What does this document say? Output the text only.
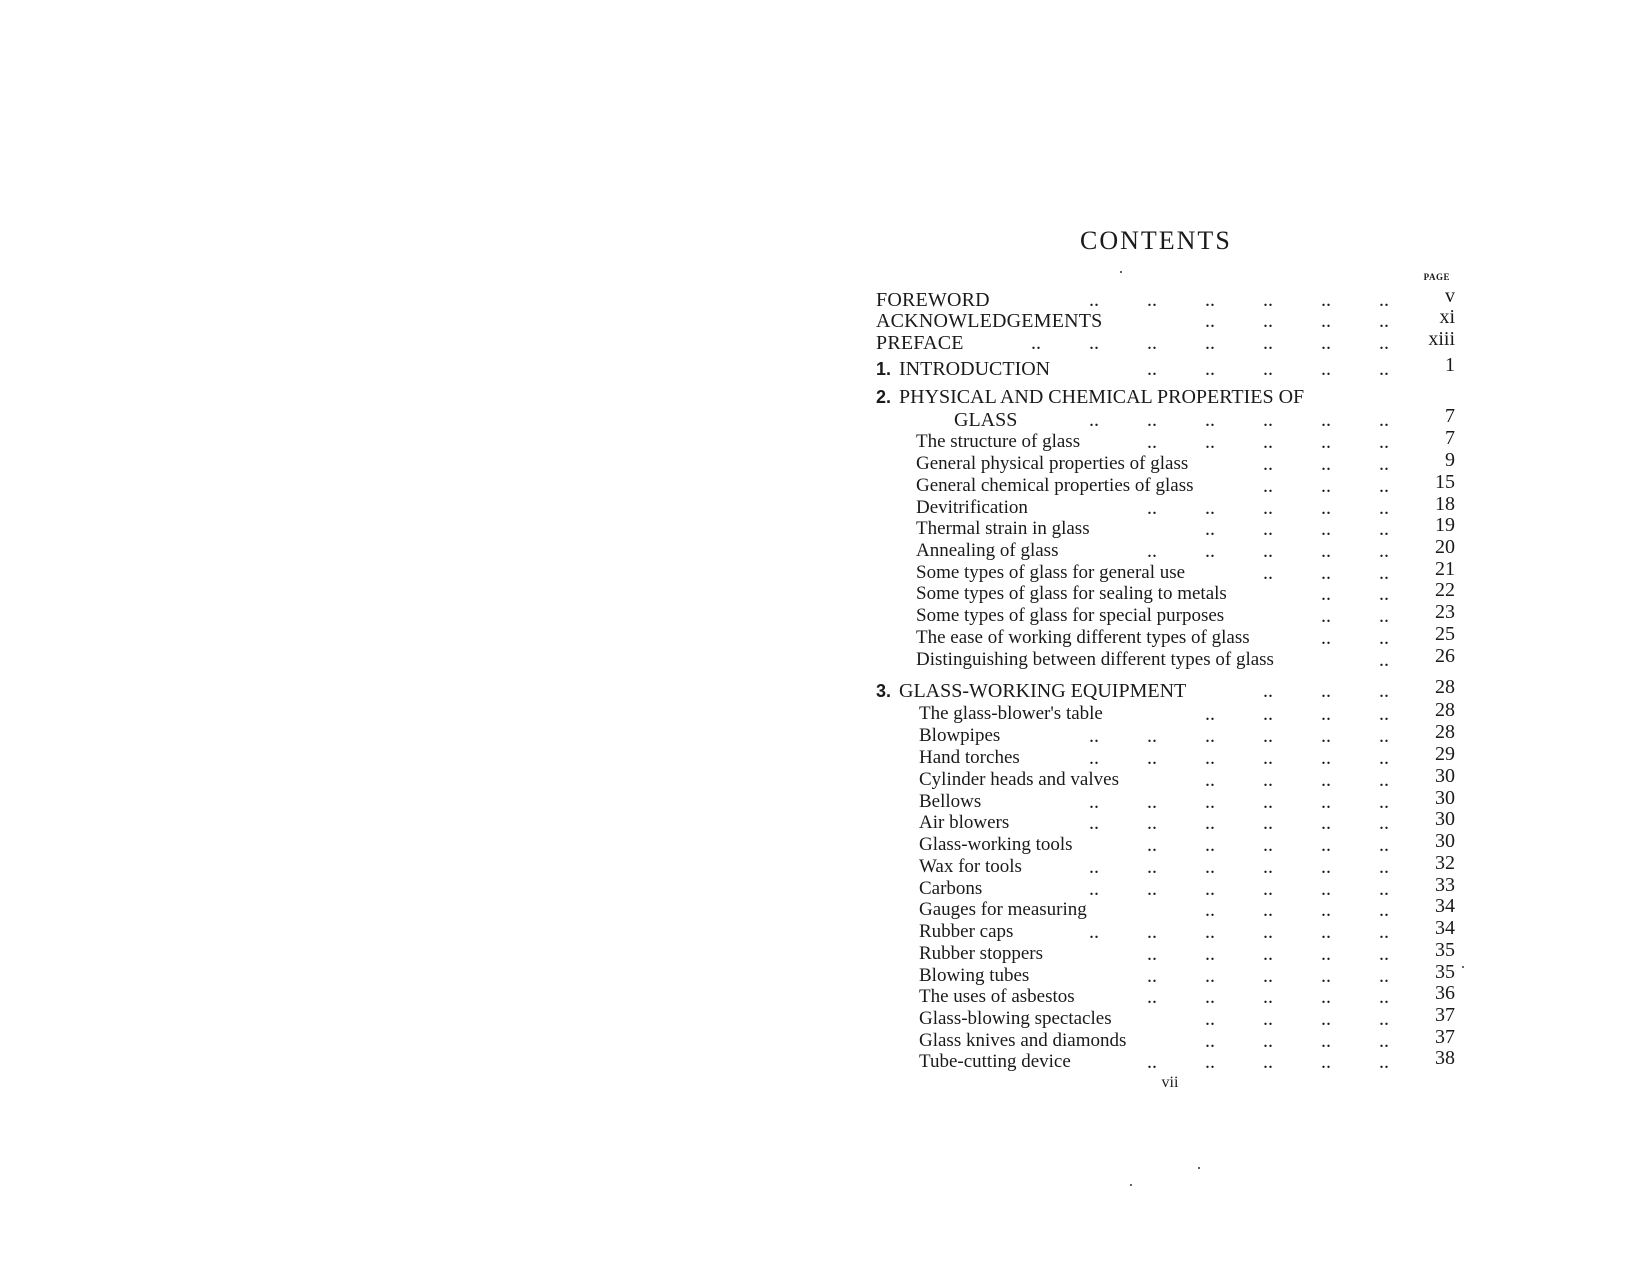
CONTENTS
PAGE
FOREWORD	.. .. .. .. .. ..	v
ACKNOWLEDGEMENTS	.. .. .. ..	xi
PREFACE	.. .. .. .. .. .. ..	xiii
1. INTRODUCTION	.. .. .. .. ..	1
2. PHYSICAL AND CHEMICAL PROPERTIES OF
GLASS	.. .. .. .. .. ..	7
The structure of glass	.. .. .. .. ..	7
General physical properties of glass	.. .. ..	9
General chemical properties of glass	.. .. ..	15
Devitrification	.. .. .. .. ..	18
Thermal strain in glass	.. .. .. ..	19
Annealing of glass	.. .. .. .. ..	20
Some types of glass for general use	.. .. ..	21
Some types of glass for sealing to metals	.. ..	22
Some types of glass for special purposes	.. ..	23
The ease of working different types of glass	.. ..	25
Distinguishing between different types of glass	..	26
3. GLASS-WORKING EQUIPMENT	.. .. ..	28
The glass-blower's table	.. .. .. ..	28
Blowpipes	.. .. .. .. .. ..	28
Hand torches	.. .. .. .. .. ..	29
Cylinder heads and valves	.. .. .. ..	30
Bellows	.. .. .. .. .. ..	30
Air blowers	.. .. .. .. .. ..	30
Glass-working tools	.. .. .. .. ..	30
Wax for tools	.. .. .. .. .. ..	32
Carbons	.. .. .. .. .. ..	33
Gauges for measuring	.. .. .. ..	34
Rubber caps	.. .. .. .. .. ..	34
Rubber stoppers	.. .. .. .. ..	35
Blowing tubes	.. .. .. .. ..	35
The uses of asbestos	.. .. .. .. ..	36
Glass-blowing spectacles	.. .. .. ..	37
Glass knives and diamonds	.. .. .. ..	37
Tube-cutting device	.. .. .. .. ..	38
vii
